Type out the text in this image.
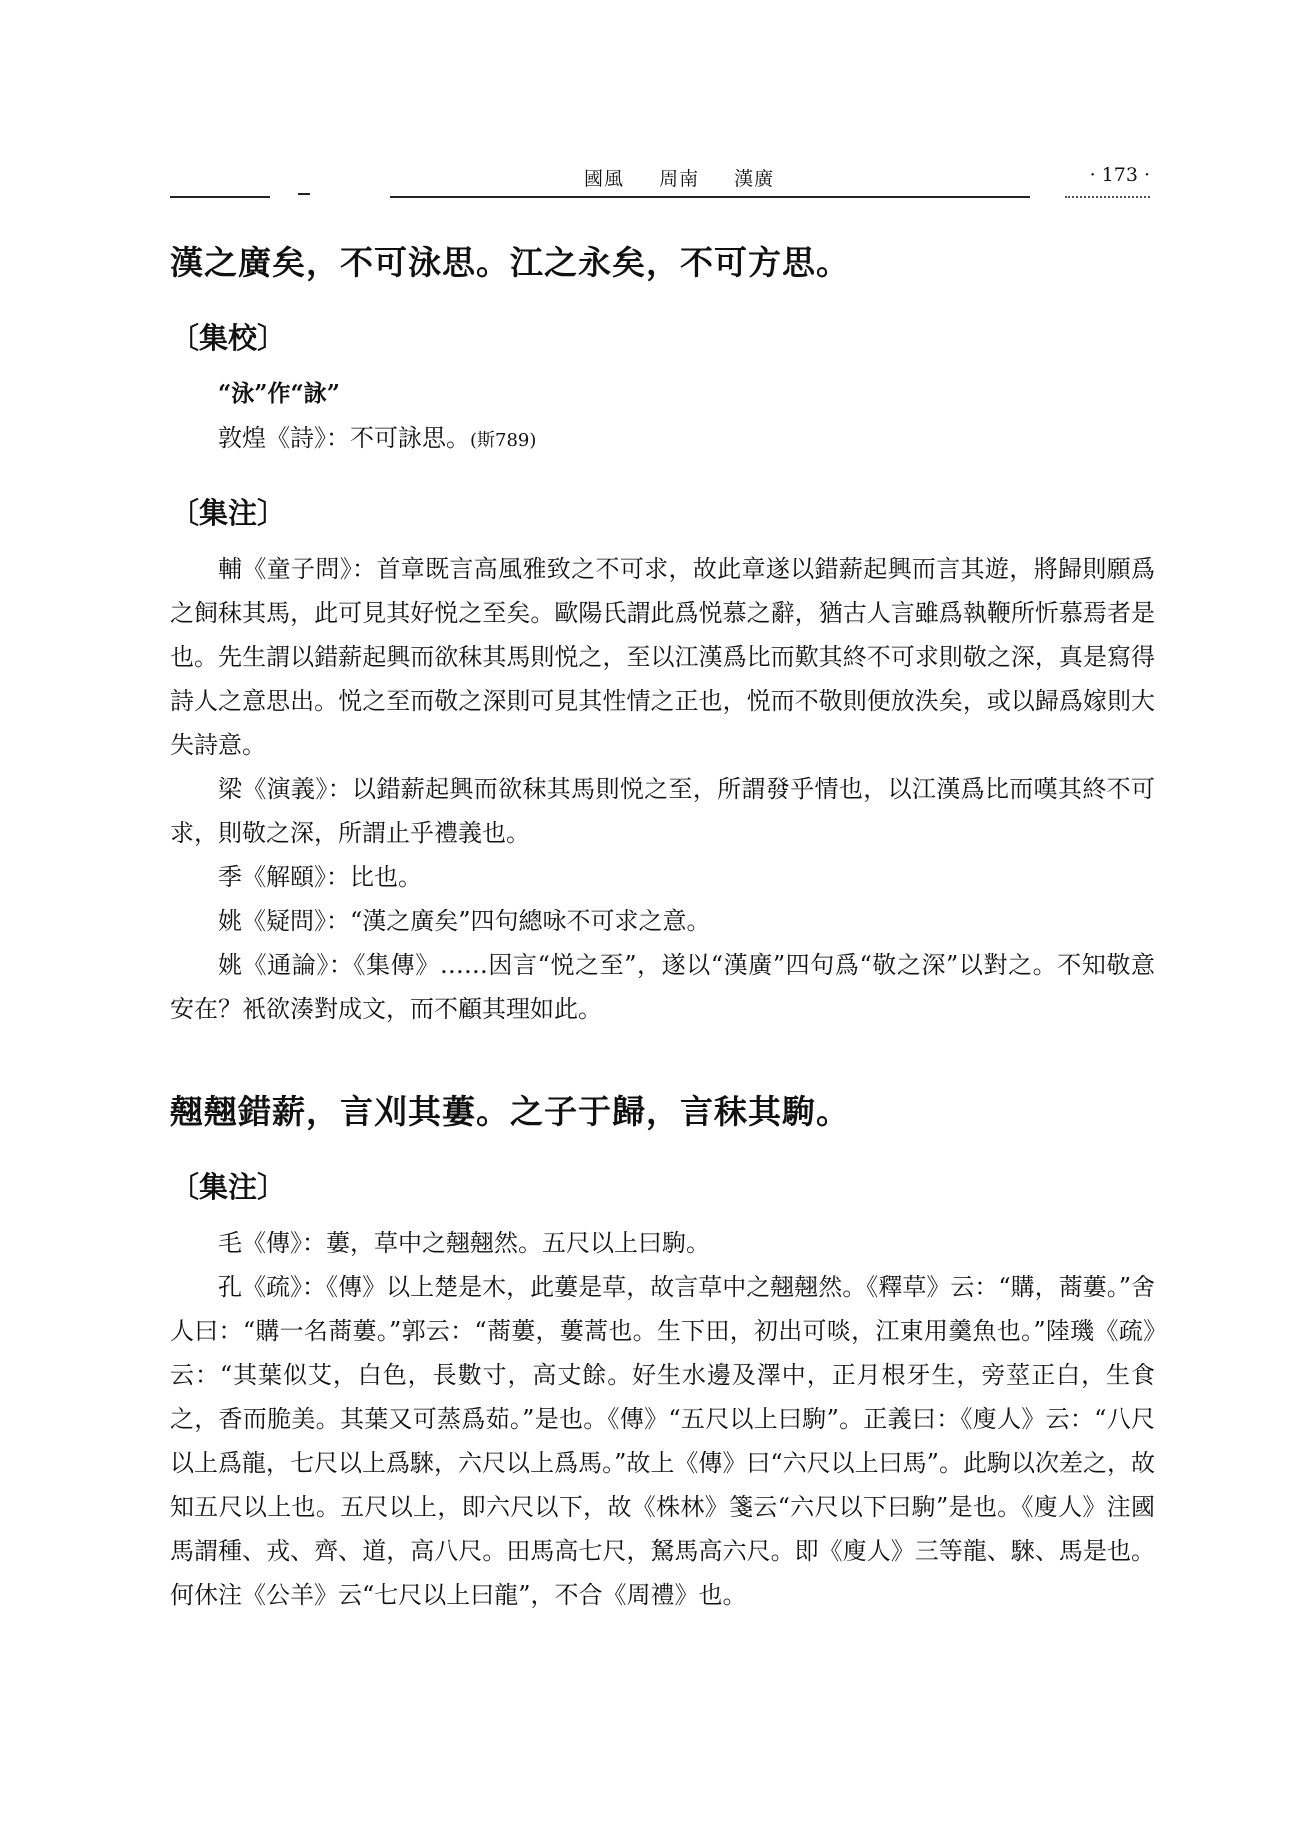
國風 周南 漢廣	· 173 ·
漢之廣矣，不可泳思。江之永矣，不可方思。
〔集校〕
“泳”作“詠”
敦煌《詩》：不可詠思。(斯789)
〔集注〕

輔《童子問》：首章既言高風雅致之不可求，故此章遂以錯薪起興而言其遊，將歸則願爲之飼秣其馬，此可見其好悦之至矣。歐陽氏謂此爲悦慕之辭，猶古人言雖爲執鞭所忻慕焉者是也。先生謂以錯薪起興而欲秣其馬則悦之，至以江漢爲比而歎其終不可求則敬之深，真是寫得詩人之意思出。悦之至而敬之深則可見其性情之正也，悦而不敬則便放泆矣，或以歸爲嫁則大失詩意。

梁《演義》：以錯薪起興而欲秣其馬則悦之至，所謂發乎情也，以江漢爲比而嘆其終不可求，則敬之深，所謂止乎禮義也。

季《解頤》：比也。

姚《疑問》：“漢之廣矣”四句總咏不可求之意。

姚《通論》：《集傳》……因言“悦之至”，遂以“漢廣”四句爲“敬之深”以對之。不知敬意安在？衹欲湊對成文，而不顧其理如此。

翹翹錯薪，言刈其蔞。之子于歸，言秣其駒。
〔集注〕

毛《傳》：蔞，草中之翹翹然。五尺以上曰駒。

孔《疏》：《傳》以上楚是木，此蔞是草，故言草中之翹翹然。《釋草》云：“購，蔏蔞。”舍人曰：“購一名蔏蔞。”郭云：“蔏蔞，蔞蒿也。生下田，初出可啖，江東用羹魚也。”陸璣《疏》云：“其葉似艾，白色，長數寸，高丈餘。好生水邊及澤中，正月根牙生，旁莖正白，生食之，香而脆美。其葉又可蒸爲茹。”是也。《傳》“五尺以上曰駒”。正義曰：《廋人》云：“八尺以上爲龍，七尺以上爲騋，六尺以上爲馬。”故上《傳》曰“六尺以上曰馬”。此駒以次差之，故知五尺以上也。五尺以上，即六尺以下，故《株林》箋云“六尺以下曰駒”是也。《廋人》注國馬謂種、戎、齊、道，高八尺。田馬高七尺，駑馬高六尺。即《廋人》三等龍、騋、馬是也。何休注《公羊》云“七尺以上曰龍”，不合《周禮》也。
